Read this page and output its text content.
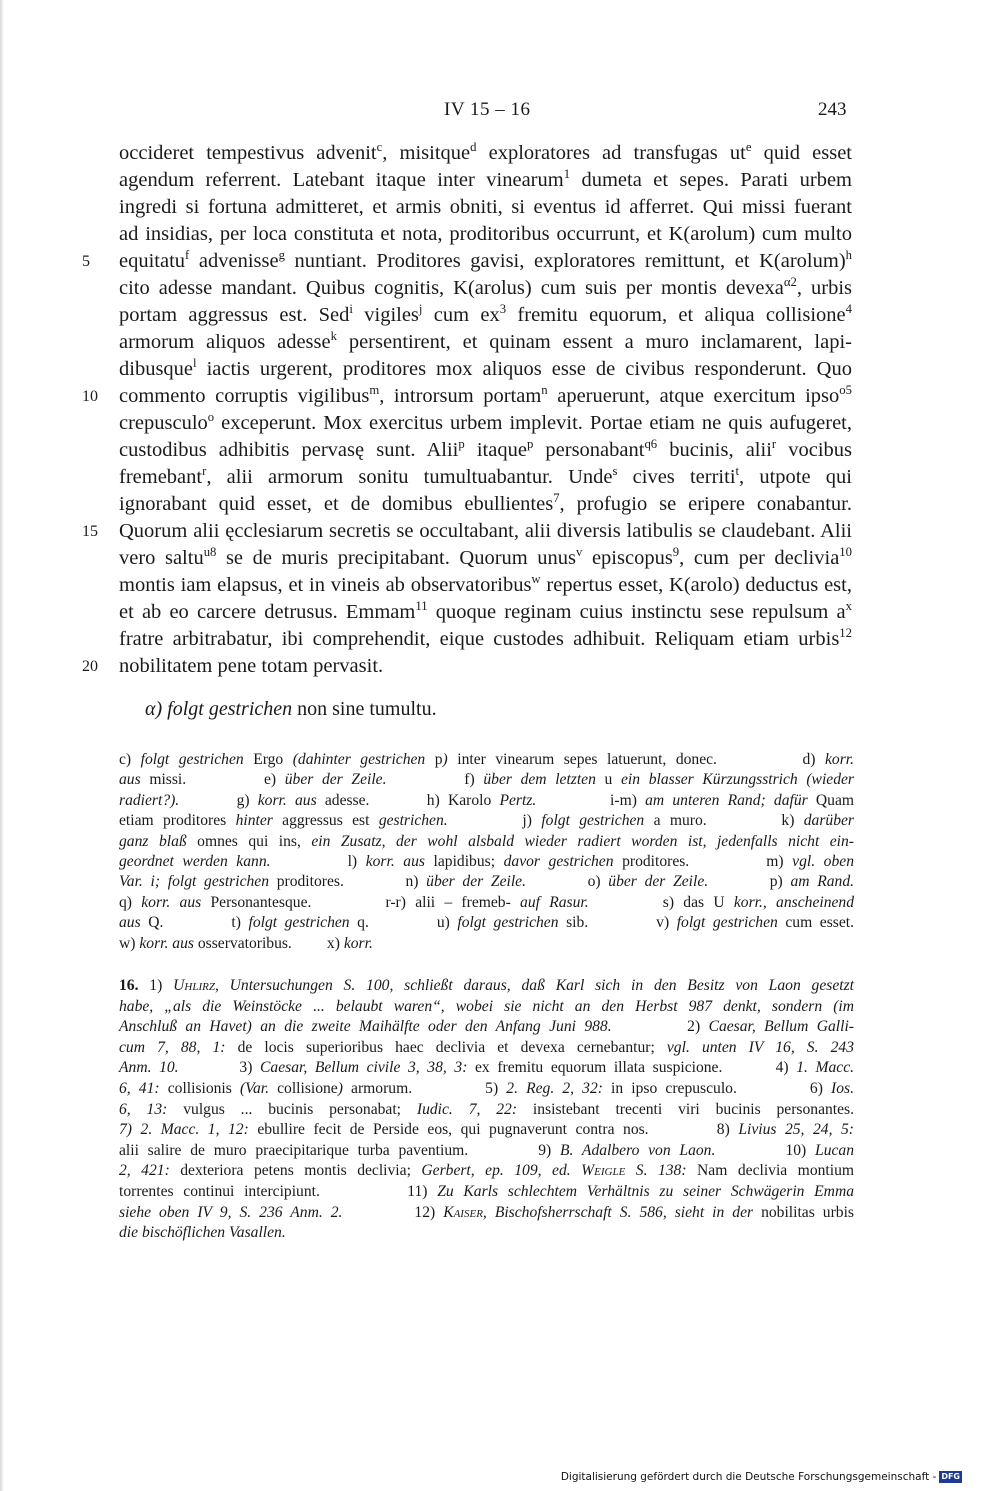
IV 15 – 16	243
5
10
15
20
occideret tempestivus advenit$^c$, misitque$^d$ exploratores ad transfugas $ut^e$ quid esset
agendum referrent. Latebant itaque inter vinearum$^1$ dumeta et sepes. Parati urbem
ingredi si fortuna admitteret, et armis obniti, si eventus id afferret. Qui missi fuerant
ad insidias, per loca constituta et nota, proditoribus occurrunt, et K(arolum) cum multo
equitatu$^f$ advenisse$^g$ nuntiant. Proditores gavisi, exploratores remittunt, et K(arolum)$^h$
cito adesse mandant. Quibus cognitis, K(arolus) cum suis per montis devexa$^{\alpha 2}$, urbis
portam aggressus est. Sed$^i$ vigiles$^j$ cum $ex^3$ fremitu equorum, et aliqua collisione$^4$
armorum aliquos adesse$^k$ persentirent, et quinam essent a muro inclamarent, lapi-
dibusque$^l$ iactis urgerent, proditores mox aliquos esse de civibus responderunt. Quo
commento corruptis vigilibus$^m$, introrsum portam$^n$ aperuerunt, atque exercitum ipso$^{o5}$
crepusculo$^o$ exceperunt. Mox exercitus urbem implevit. Portae etiam ne quis aufugeret,
custodibus adhibitis pervasę sunt. Alii$^p$ itaque$^p$ personabant$^{q6}$ bucinis, alii$^r$ vocibus
fremebant$^r$, alii armorum sonitu tumultuabantur. Unde$^s$ cives territi$^t$, utpote qui
ignorabant quid esset, et de domibus ebullientes$^7$, profugio se eripere conabantur.
Quorum alii ęcclesiarum secretis se occultabant, alii diversis latibulis se claudebant. Alii
vero saltu$^{u8}$ se de muris precipitabant. Quorum unus$^v$ episcopus$^9$, cum per declivia$^{10}$
montis iam elapsus, et in vineis ab observatoribus$^w$ repertus esset, K(arolo) deductus est,
et ab eo carcere detrusus. Emmam$^{11}$ quoque reginam cuius instinctu sese repulsum $a^x$
fratre arbitrabatur, ibi comprehendit, eique custodes adhibuit. Reliquam etiam urbis$^{12}$
nobilitatem pene totam pervasit.
α) folgt gestrichen non sine tumultu.
c) folgt gestrichen Ergo (dahinter gestrichen p) inter vinearum sepes latuerunt, donec.         d) korr.
aus missi.         e) über der Zeile.         f) über dem letzten u ein blasser Kürzungsstrich (wieder
radiert?).       g) korr. aus adesse.       h) Karolo Pertz.         i-m) am unteren Rand; dafür Quam
etiam proditores hinter aggressus est gestrichen.        j) folgt gestrichen a muro.        k) darüber
ganz blaß omnes qui ins, ein Zusatz, der wohl alsbald wieder radiert worden ist, jedenfalls nicht ein-
geordnet werden kann.         l) korr. aus lapidibus; davor gestrichen proditores.         m) vgl. oben
Var. i; folgt gestrichen proditores.        n) über der Zeile.        o) über der Zeile.        p) am Rand.
q) korr. aus Personantesque.        r-r) alii – fremeb- auf Rasur.        s) das U korr., anscheinend
aus Q.         t) folgt gestrichen q.         u) folgt gestrichen sib.         v) folgt gestrichen cum esset.
w) korr. aus osservatoribus.         x) korr.
16. 1) Uhlirz, Untersuchungen S. 100, schließt daraus, daß Karl sich in den Besitz von Laon gesetzt
habe, „als die Weinstöcke ... belaubt waren“, wobei sie nicht an den Herbst 987 denkt, sondern (im
Anschluß an Havet) an die zweite Maihälfte oder den Anfang Juni 988.         2) Caesar, Bellum Galli-
cum 7, 88, 1: de locis superioribus haec declivia et devexa cernebantur; vgl. unten IV 16, S. 243
Anm. 10.        3) Caesar, Bellum civile 3, 38, 3: ex fremitu equorum illata suspicione.       4) 1. Macc.
6, 41: collisionis (Var. collisione) armorum.         5) 2. Reg. 2, 32: in ipso crepusculo.         6) Ios.
6, 13: vulgus ... bucinis personabat; Iudic. 7, 22: insistebant trecenti viri bucinis personantes.
7) 2. Macc. 1, 12: ebullire fecit de Perside eos, qui pugnaverunt contra nos.        8) Livius 25, 24, 5:
alii salire de muro praecipitarique turba paventium.        9) B. Adalbero von Laon.        10) Lucan
2, 421: dexteriora petens montis declivia; Gerbert, ep. 109, ed. Weigle S. 138: Nam declivia montium
torrentes continui intercipiunt.         11) Zu Karls schlechtem Verhältnis zu seiner Schwägerin Emma
siehe oben IV 9, S. 236 Anm. 2.         12) Kaiser, Bischofsherrschaft S. 586, sieht in der nobilitas urbis
die bischöflichen Vasallen.
Digitalisierung gefördert durch die Deutsche Forschungsgemeinschaft - DFG
